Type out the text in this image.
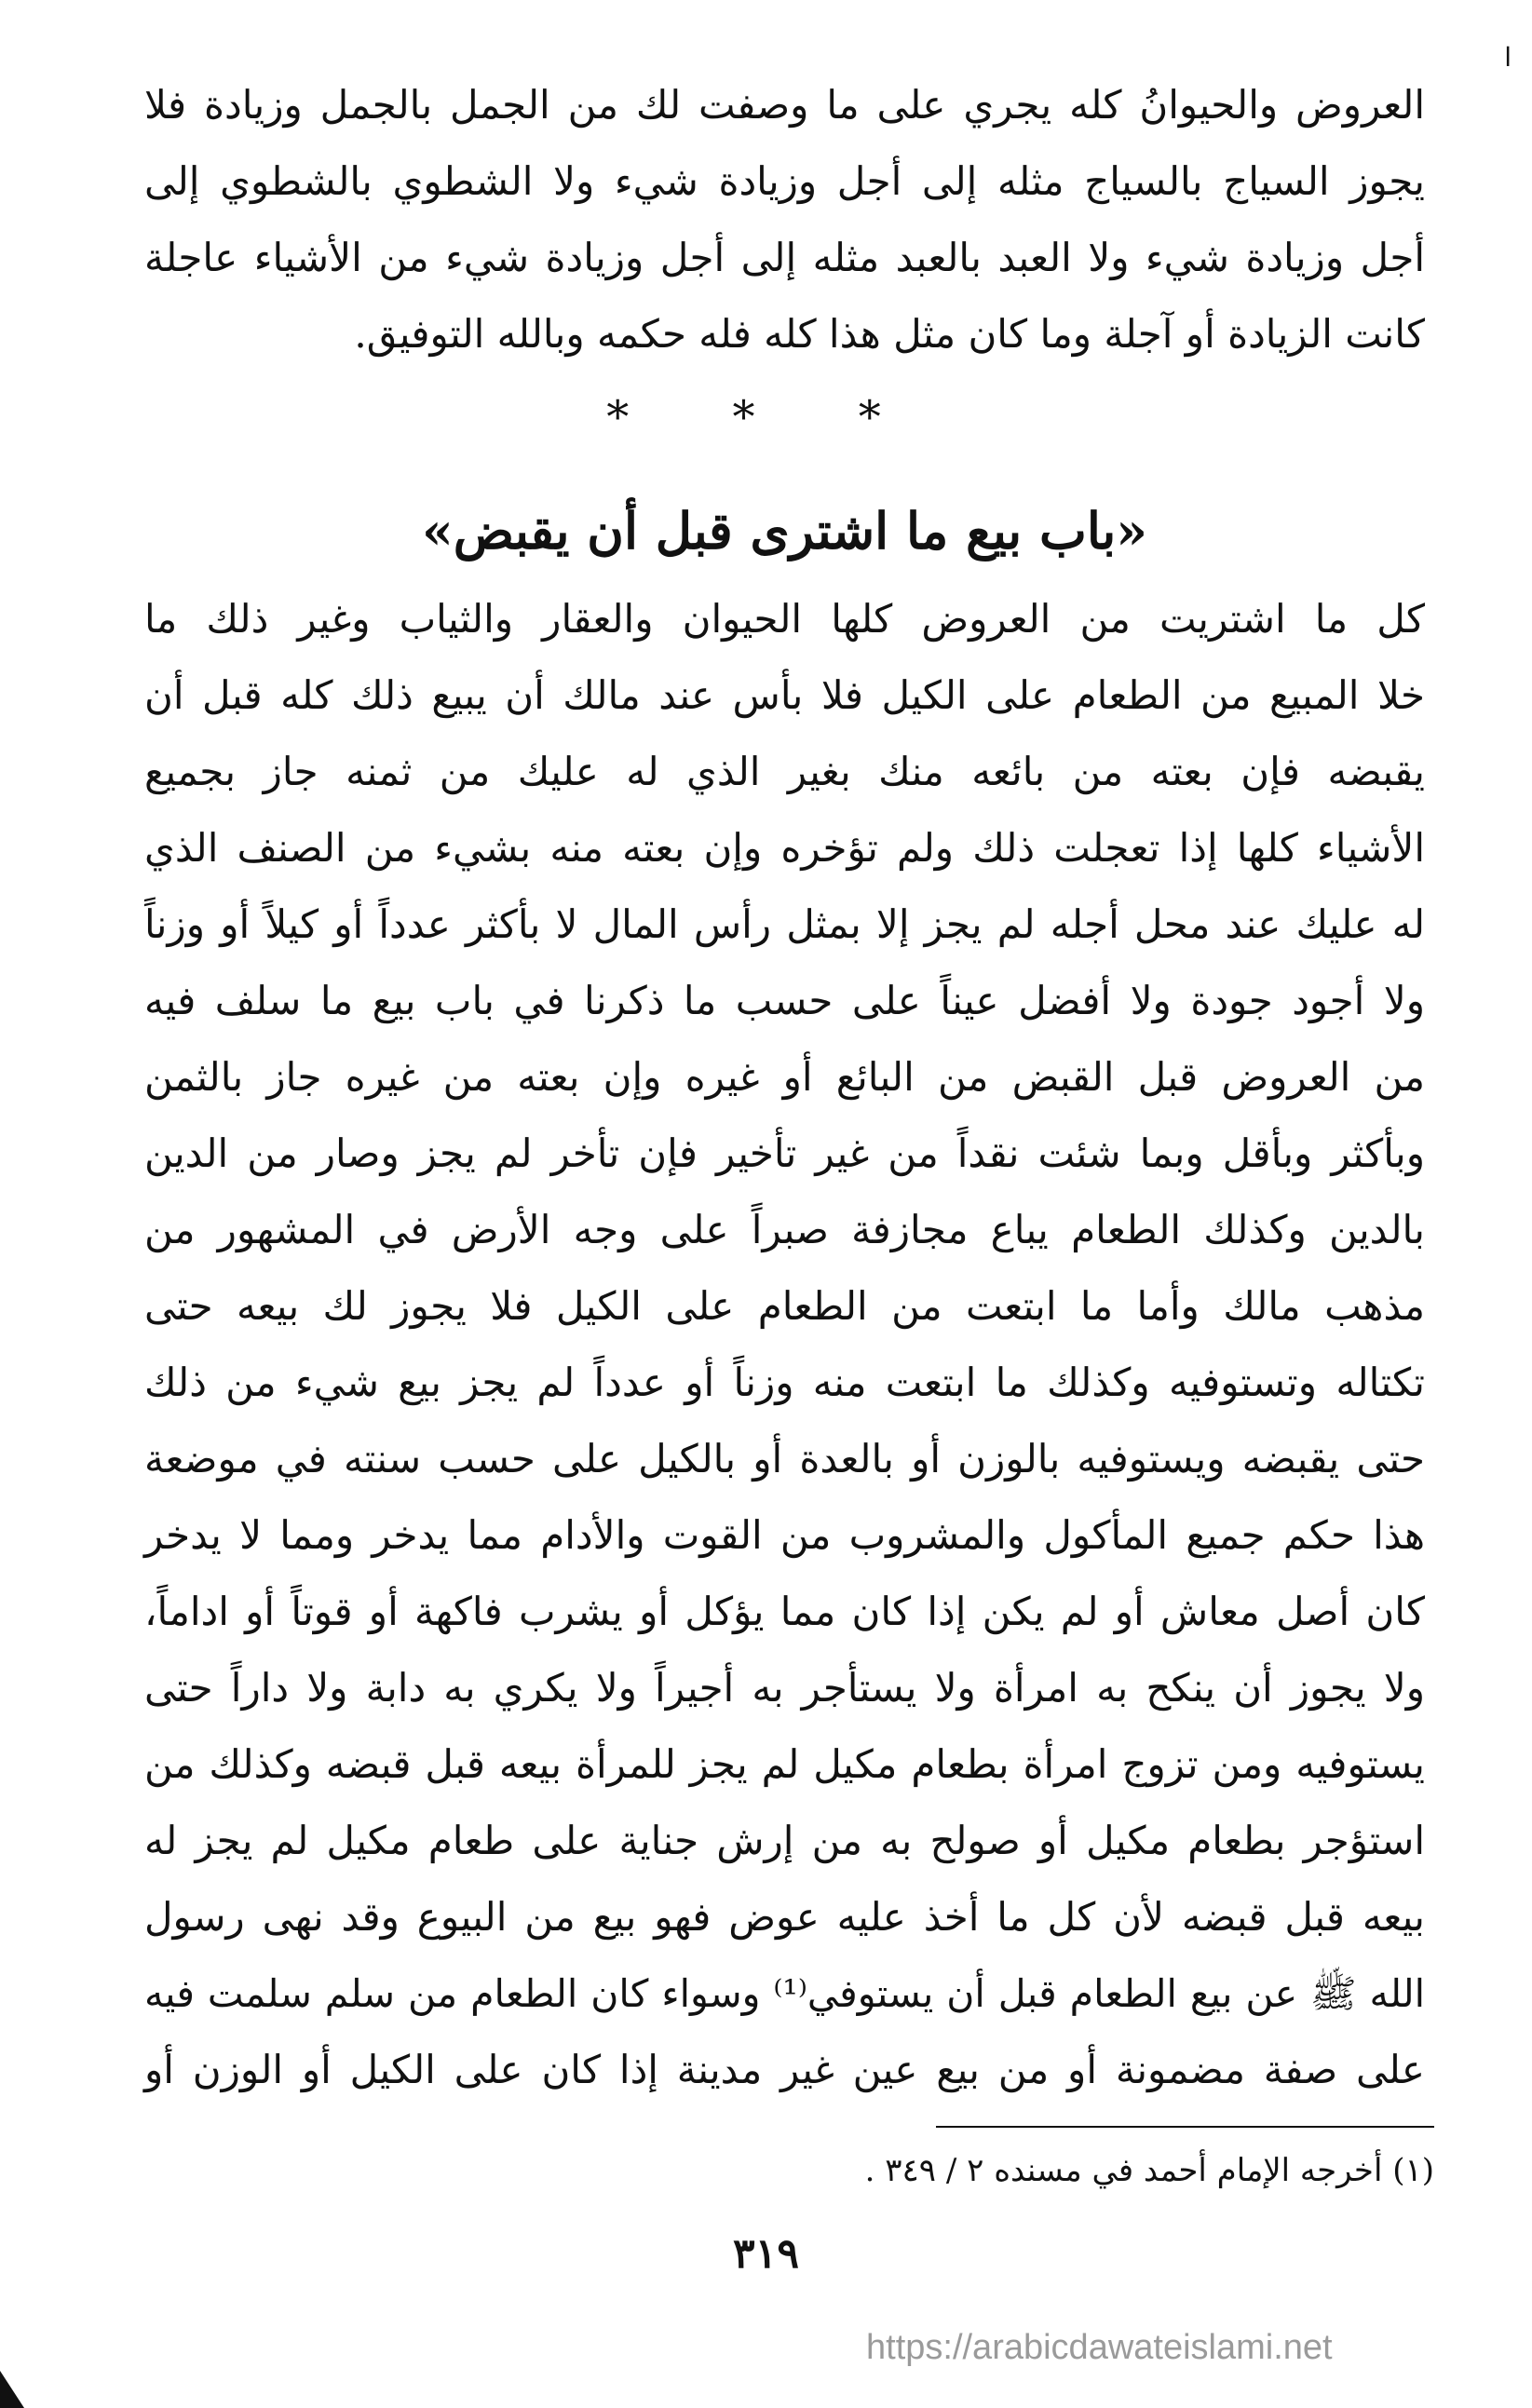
ا
العروض والحيوانُ كله يجري على ما وصفت لك من الجمل بالجمل وزيادة فلا
يجوز السياج بالسياج مثله إلى أجل وزيادة شيء ولا الشطوي بالشطوي إلى
أجل وزيادة شيء ولا العبد بالعبد مثله إلى أجل وزيادة شيء من الأشياء عاجلة
كانت الزيادة أو آجلة وما كان مثل هذا كله فله حكمه وبالله التوفيق.
* * *
«باب بيع ما اشترى قبل أن يقبض»
كل ما اشتريت من العروض كلها الحيوان والعقار والثياب وغير ذلك ما
خلا المبيع من الطعام على الكيل فلا بأس عند مالك أن يبيع ذلك كله قبل أن
يقبضه فإن بعته من بائعه منك بغير الذي له عليك من ثمنه جاز بجميع
الأشياء كلها إذا تعجلت ذلك ولم تؤخره وإن بعته منه بشيء من الصنف الذي
له عليك عند محل أجله لم يجز إلا بمثل رأس المال لا بأكثر عدداً أو كيلاً أو وزناً
ولا أجود جودة ولا أفضل عيناً على حسب ما ذكرنا في باب بيع ما سلف فيه
من العروض قبل القبض من البائع أو غيره وإن بعته من غيره جاز بالثمن
وبأكثر وبأقل وبما شئت نقداً من غير تأخير فإن تأخر لم يجز وصار من الدين
بالدين وكذلك الطعام يباع مجازفة صبراً على وجه الأرض في المشهور من
مذهب مالك وأما ما ابتعت من الطعام على الكيل فلا يجوز لك بيعه حتى
تكتاله وتستوفيه وكذلك ما ابتعت منه وزناً أو عدداً لم يجز بيع شيء من ذلك
حتى يقبضه ويستوفيه بالوزن أو بالعدة أو بالكيل على حسب سنته في موضعة
هذا حكم جميع المأكول والمشروب من القوت والأدام مما يدخر ومما لا يدخر
كان أصل معاش أو لم يكن إذا كان مما يؤكل أو يشرب فاكهة أو قوتاً أو اداماً،
ولا يجوز أن ينكح به امرأة ولا يستأجر به أجيراً ولا يكري به دابة ولا داراً حتى
يستوفيه ومن تزوج امرأة بطعام مكيل لم يجز للمرأة بيعه قبل قبضه وكذلك من
استؤجر بطعام مكيل أو صولح به من إرش جناية على طعام مكيل لم يجز له
بيعه قبل قبضه لأن كل ما أخذ عليه عوض فهو بيع من البيوع وقد نهى رسول
الله ﷺ عن بيع الطعام قبل أن يستوفي⁽¹⁾ وسواء كان الطعام من سلم سلمت فيه
على صفة مضمونة أو من بيع عين غير مدينة إذا كان على الكيل أو الوزن أو
(١) أخرجه الإمام أحمد في مسنده ٢ / ٣٤٩ .
٣١٩
https://arabicdawateislami.net
